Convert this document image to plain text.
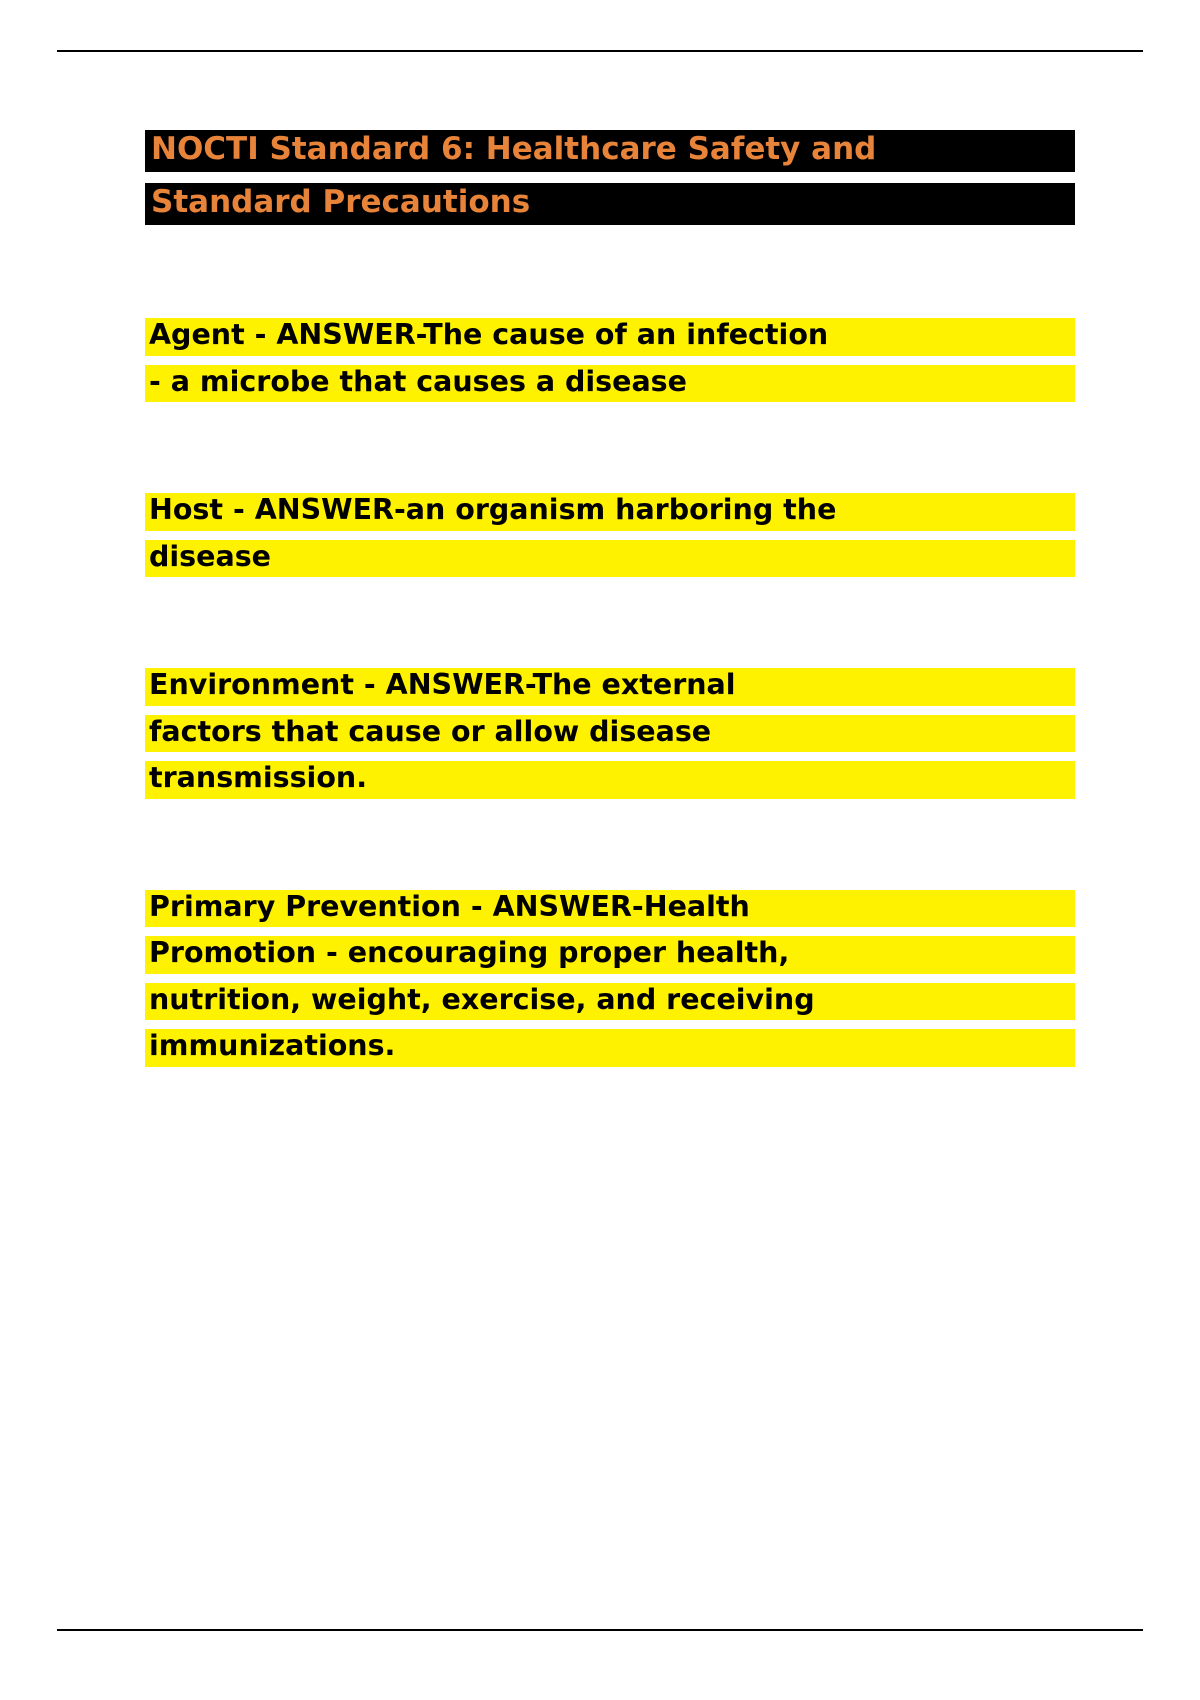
NOCTI Standard 6: Healthcare Safety and
Standard Precautions
Agent - ANSWER-The cause of an infection
- a microbe that causes a disease
Host - ANSWER-an organism harboring the
disease
Environment - ANSWER-The external
factors that cause or allow disease
transmission.
Primary Prevention - ANSWER-Health
Promotion - encouraging proper health,
nutrition, weight, exercise, and receiving
immunizations.
